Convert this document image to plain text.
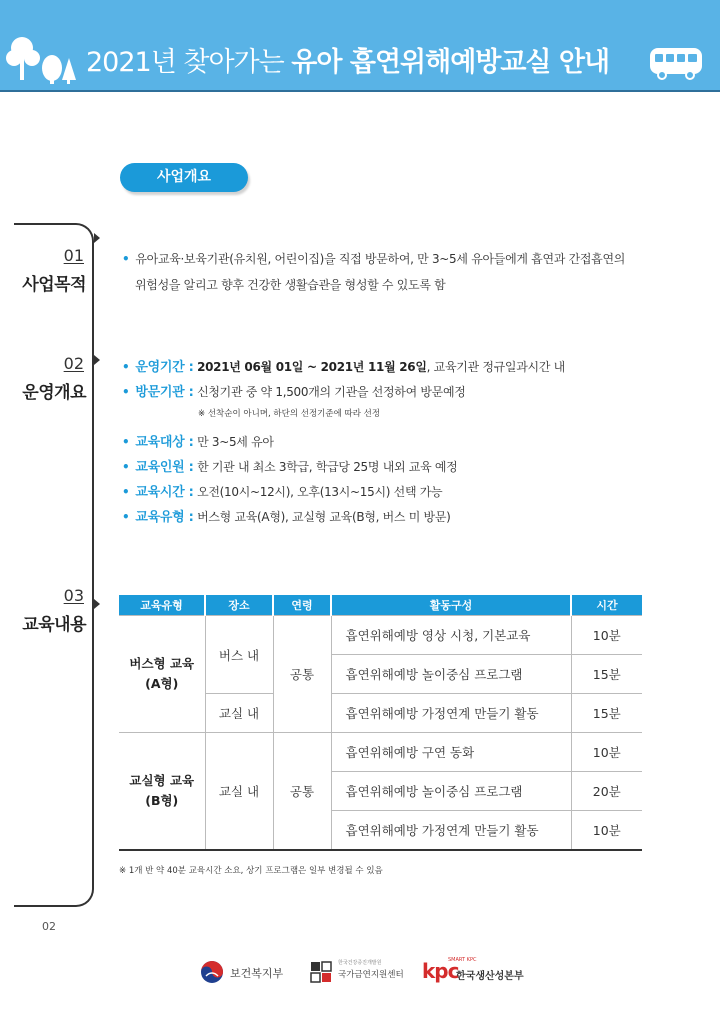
2021년 찾아가는 유아 흡연위해예방교실 안내
사업개요
01
사업목적
02
운영개요
03
교육내용
• 유아교육·보육기관(유치원, 어린이집)을 직접 방문하여, 만 3~5세 유아들에게 흡연과 간접흡연의
위험성을 알리고 향후 건강한 생활습관을 형성할 수 있도록 함
• 운영기간 : 2021년 06월 01일 ~ 2021년 11월 26일, 교육기관 정규일과시간 내
• 방문기관 : 신청기관 중 약 1,500개의 기관을 선정하여 방문예정
※ 선착순이 아니며, 하단의 선정기준에 따라 선정
• 교육대상 : 만 3~5세 유아
• 교육인원 : 한 기관 내 최소 3학급, 학급당 25명 내외 교육 예정
• 교육시간 : 오전(10시~12시), 오후(13시~15시) 선택 가능
• 교육유형 : 버스형 교육(A형), 교실형 교육(B형, 버스 미 방문)
교육유형	장소	연령	활동구성	시간

버스형 교육
(A형)	버스 내	공통	흡연위해예방 영상 시청, 기본교육	10분
			흡연위해예방 놀이중심 프로그램	15분
	교실 내		흡연위해예방 가정연계 만들기 활동	15분

교실형 교육
(B형)	교실 내	공통	흡연위해예방 구연 동화	10분
			흡연위해예방 놀이중심 프로그램	20분
			흡연위해예방 가정연계 만들기 활동	10분
※ 1개 반 약 40분 교육시간 소요, 상기 프로그램은 일부 변경될 수 있음
02
보건복지부
한국건강증진개발원
국가금연지원센터
SMART KPC
kpc
한국생산성본부
